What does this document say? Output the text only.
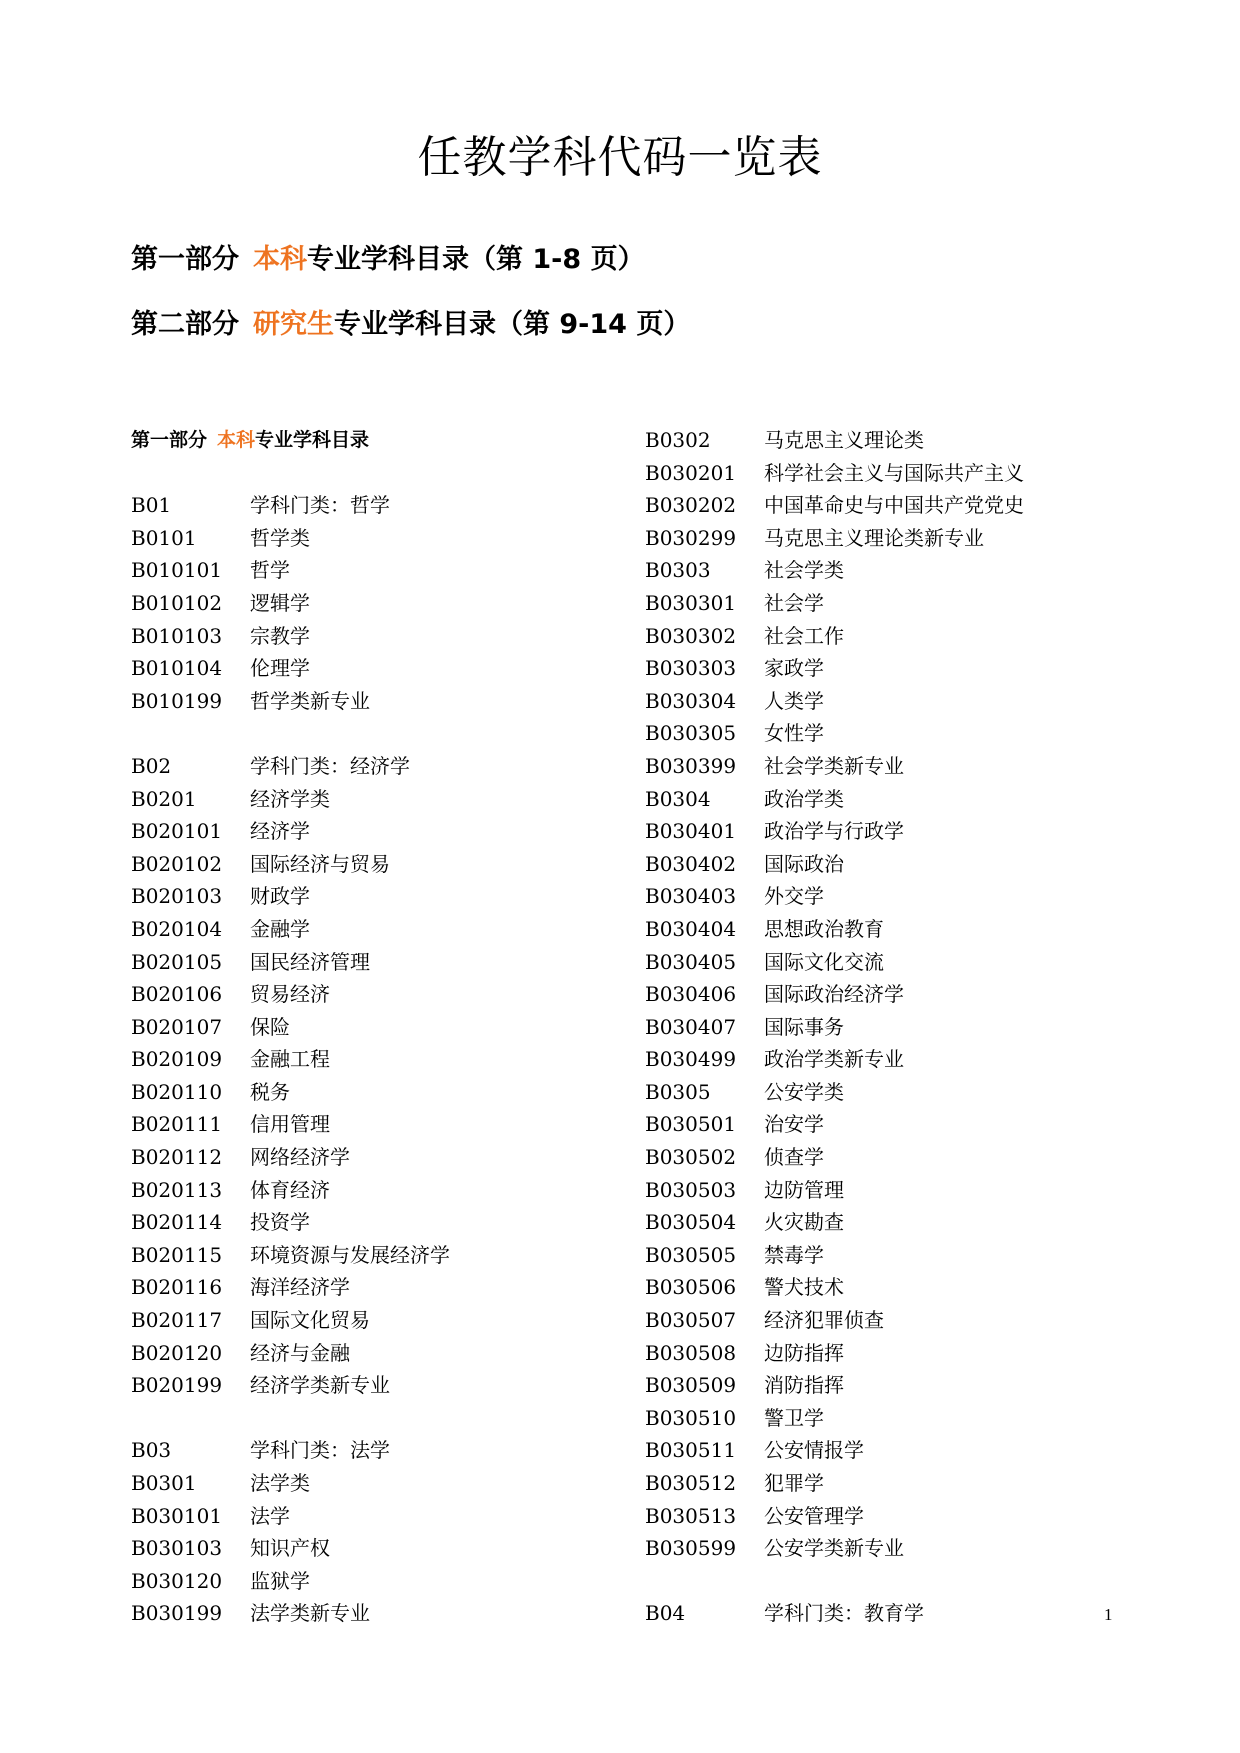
任教学科代码一览表
第一部分 本科专业学科目录（第 1-8 页）
第二部分 研究生专业学科目录（第 9-14 页）
第一部分 本科专业学科目录
B01	学科门类：哲学
B0101	哲学类
B010101 哲学
B010102 逻辑学
B010103 宗教学
B010104 伦理学
B010199 哲学类新专业
B02	学科门类：经济学
B0201	经济学类
B020101 经济学
B020102 国际经济与贸易
B020103 财政学
B020104 金融学
B020105 国民经济管理
B020106 贸易经济
B020107 保险
B020109 金融工程
B020110 税务
B020111 信用管理
B020112 网络经济学
B020113 体育经济
B020114 投资学
B020115 环境资源与发展经济学
B020116 海洋经济学
B020117 国际文化贸易
B020120 经济与金融
B020199 经济学类新专业
B03	学科门类：法学
B0301	法学类
B030101 法学
B030103 知识产权
B030120 监狱学
B030199 法学类新专业
B0302	马克思主义理论类
B030201 科学社会主义与国际共产主义
B030202 中国革命史与中国共产党党史
B030299 马克思主义理论类新专业
B0303	社会学类
B030301 社会学
B030302 社会工作
B030303 家政学
B030304 人类学
B030305 女性学
B030399 社会学类新专业
B0304	政治学类
B030401 政治学与行政学
B030402 国际政治
B030403 外交学
B030404 思想政治教育
B030405 国际文化交流
B030406 国际政治经济学
B030407 国际事务
B030499 政治学类新专业
B0305	公安学类
B030501 治安学
B030502 侦查学
B030503 边防管理
B030504 火灾勘查
B030505 禁毒学
B030506 警犬技术
B030507 经济犯罪侦查
B030508 边防指挥
B030509 消防指挥
B030510 警卫学
B030511 公安情报学
B030512 犯罪学
B030513 公安管理学
B030599 公安学类新专业
B04	学科门类：教育学	1
